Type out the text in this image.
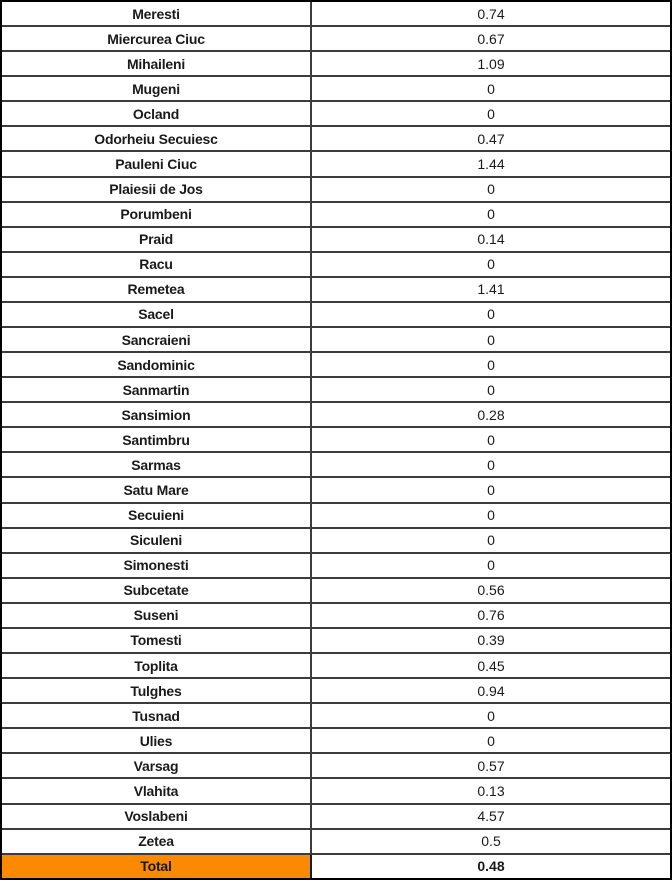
Meresti	0.74
Miercurea Ciuc	0.67
Mihaileni	1.09
Mugeni	0
Ocland	0
Odorheiu Secuiesc	0.47
Pauleni Ciuc	1.44
Plaiesii de Jos	0
Porumbeni	0
Praid	0.14
Racu	0
Remetea	1.41
Sacel	0
Sancraieni	0
Sandominic	0
Sanmartin	0
Sansimion	0.28
Santimbru	0
Sarmas	0
Satu Mare	0
Secuieni	0
Siculeni	0
Simonesti	0
Subcetate	0.56
Suseni	0.76
Tomesti	0.39
Toplita	0.45
Tulghes	0.94
Tusnad	0
Ulies	0
Varsag	0.57
Vlahita	0.13
Voslabeni	4.57
Zetea	0.5
Total	0.48
